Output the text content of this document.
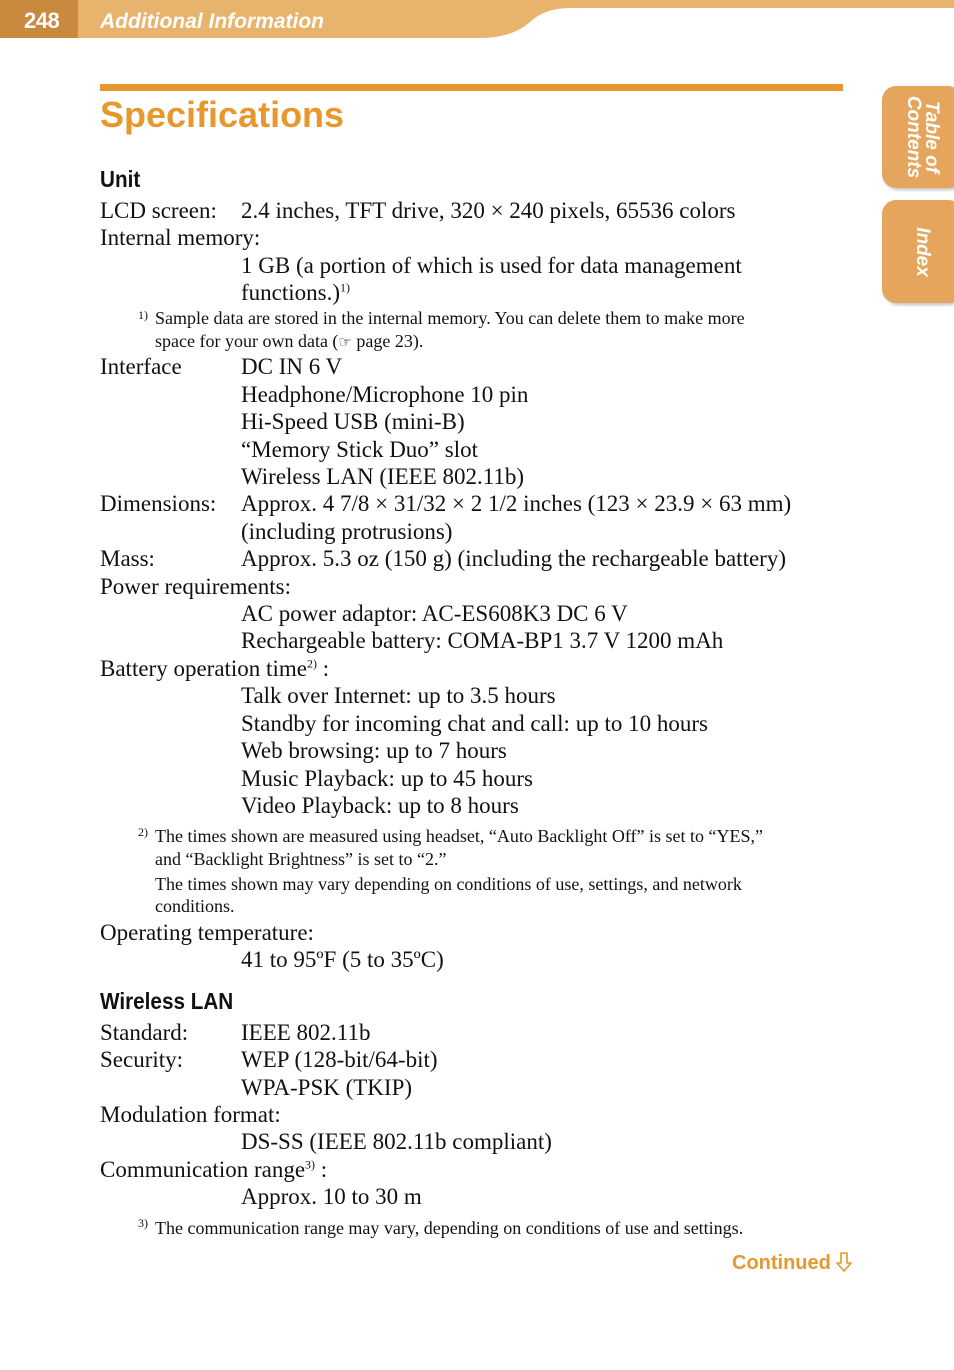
248 Additional Information
Table of
Contents
Index
Specifications
Unit
LCD screen: 2.4 inches, TFT drive, 320 × 240 pixels, 65536 colors
Internal memory:
1 GB (a portion of which is used for data management
functions.)$^{1)}$
1) Sample data are stored in the internal memory. You can delete them to make more
space for your own data (☞ page 23).
Interface	DC IN 6 V
Headphone/Microphone 10 pin
Hi-Speed USB (mini-B)
“Memory Stick Duo” slot
Wireless LAN (IEEE 802.11b)
Dimensions: Approx. 4 7/8 × 31/32 × 2 1/2 inches (123 × 23.9 × 63 mm)
(including protrusions)
Mass:	Approx. 5.3 oz (150 g) (including the rechargeable battery)
Power requirements:
AC power adaptor: AC-ES608K3 DC 6 V
Rechargeable battery: COMA-BP1 3.7 V 1200 mAh
Battery operation time$^{2)}$ :
Talk over Internet: up to 3.5 hours
Standby for incoming chat and call: up to 10 hours
Web browsing: up to 7 hours
Music Playback: up to 45 hours
Video Playback: up to 8 hours
2) The times shown are measured using headset, “Auto Backlight Off” is set to “YES,”
and “Backlight Brightness” is set to “2.”
The times shown may vary depending on conditions of use, settings, and network
conditions.
Operating temperature:
41 to 95ºF (5 to 35ºC)
Wireless LAN
Standard: IEEE 802.11b
Security:	WEP (128-bit/64-bit)
WPA-PSK (TKIP)
Modulation format:
DS-SS (IEEE 802.11b compliant)
Communication range$^{3)}$ :
Approx. 10 to 30 m
3) The communication range may vary, depending on conditions of use and settings.
Continued
